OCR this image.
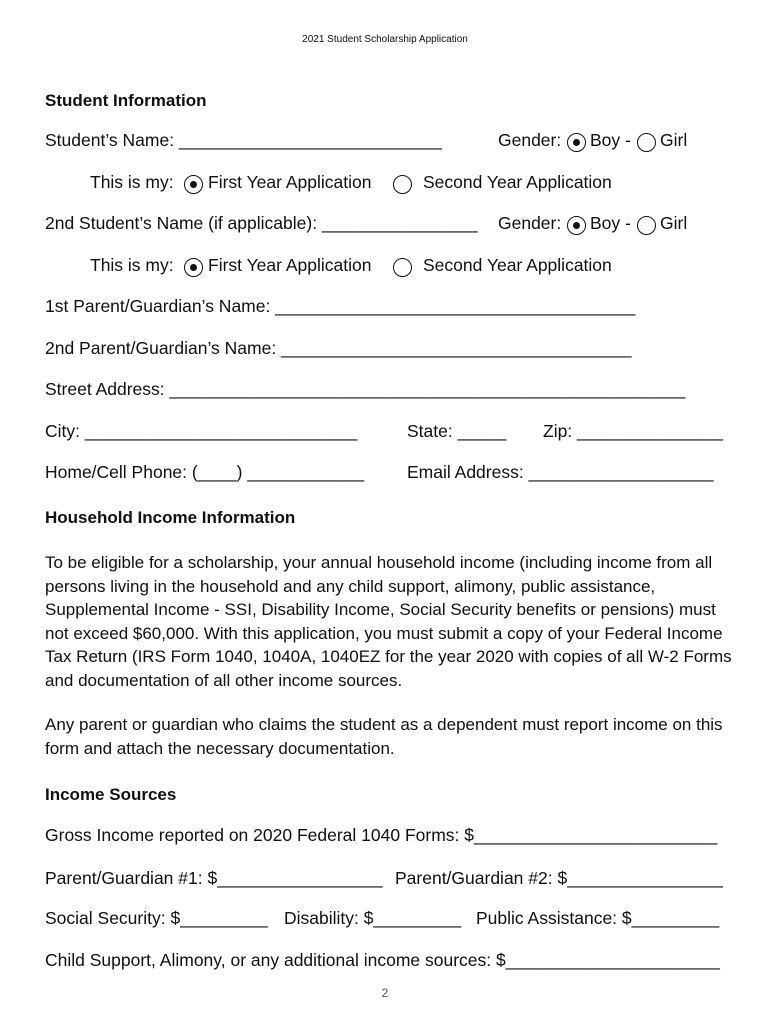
2021 Student Scholarship Application
Student Information
Student’s Name: ___________________________	Gender: Boy - Girl
This is my: First Year Application	Second Year Application
2nd Student’s Name (if applicable): ________________ Gender: Boy - Girl
This is my: First Year Application	Second Year Application
1st Parent/Guardian’s Name: _____________________________________
2nd Parent/Guardian’s Name: ____________________________________
Street Address: _____________________________________________________
City: ____________________________	State: _____ Zip: _______________
Home/Cell Phone: (____) ____________ Email Address: ___________________
Household Income Information
To be eligible for a scholarship, your annual household income (including income from all persons living in the household and any child support, alimony, public assistance, Supplemental Income - SSI, Disability Income, Social Security benefits or pensions) must not exceed $60,000. With this application, you must submit a copy of your Federal Income Tax Return (IRS Form 1040, 1040A, 1040EZ for the year 2020 with copies of all W-2 Forms and documentation of all other income sources.
Any parent or guardian who claims the student as a dependent must report income on this form and attach the necessary documentation.
Income Sources
Gross Income reported on 2020 Federal 1040 Forms: $_________________________
Parent/Guardian #1: $_________________ Parent/Guardian #2: $________________
Social Security: $_________ Disability: $_________ Public Assistance: $_________
Child Support, Alimony, or any additional income sources: $______________________
2
